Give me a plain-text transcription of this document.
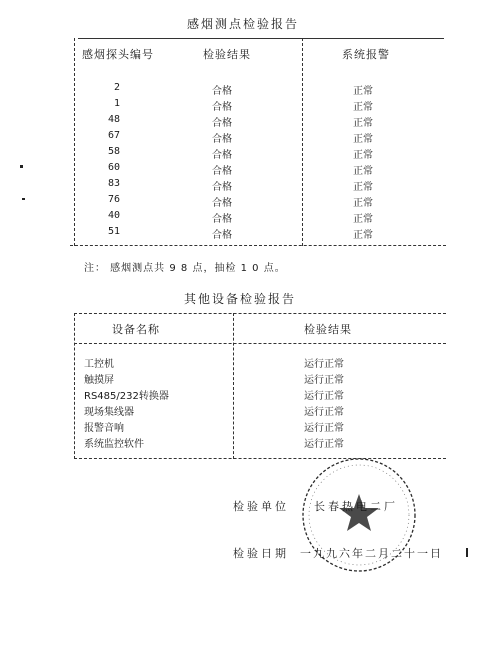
感烟测点检验报告
感烟探头编号	检验结果	系统报警
2	合格	正常
1	合格	正常
48	合格	正常
67	合格	正常
58	合格	正常
60	合格	正常
83	合格	正常
76	合格	正常
40	合格	正常
51	合格	正常
注： 感烟测点共 9 8 点，抽检 1 0 点。
其他设备检验报告
设备名称	检验结果
工控机	运行正常
触摸屏	运行正常
RS485/232转换器	运行正常
现场集线器	运行正常
报警音响	运行正常
系统监控软件	运行正常
检验单位 长春热电二厂
检验日期 一九九六年二月二十一日
